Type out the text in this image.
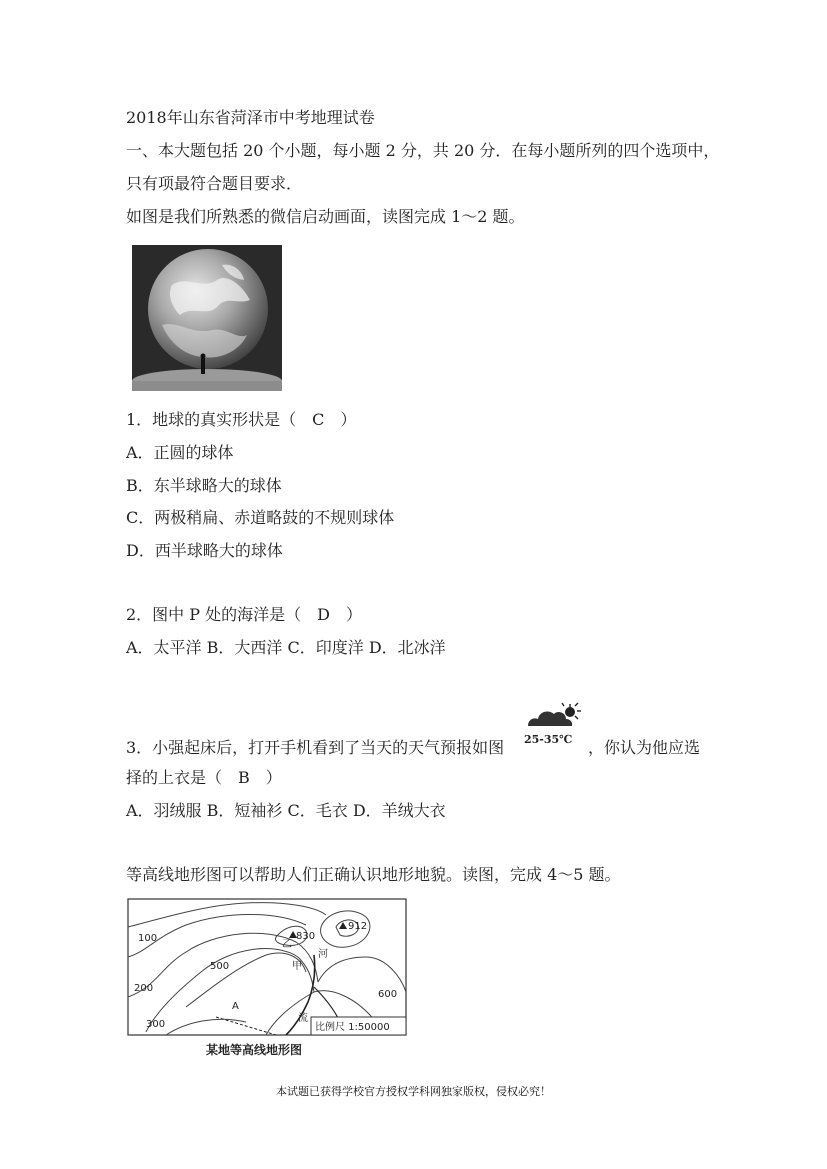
2018年山东省菏泽市中考地理试卷
一、本大题包括 20 个小题，每小题 2 分，共 20 分．在每小题所列的四个选项中，
只有项最符合题目要求．
如图是我们所熟悉的微信启动画面，读图完成 1～2 题。
1．地球的真实形状是（　C　）
A．正圆的球体
B．东半球略大的球体
C．两极稍扁、赤道略鼓的不规则球体
D．西半球略大的球体
2．图中 P 处的海洋是（　D　）
A．太平洋 B．大西洋 C．印度洋 D．北冰洋
3．小强起床后，打开手机看到了当天的天气预报如图 25-35℃ ，你认为他应选
择的上衣是（　B　）
A．羽绒服 B．短袖衫 C．毛衣 D．羊绒大衣
等高线地形图可以帮助人们正确认识地形地貌。读图，完成 4～5 题。
100
200
300
500
600
830
912
甲
乙
河
流
A
比例尺 1:50000
某地等高线地形图
本试题已获得学校官方授权学科网独家版权，侵权必究！
